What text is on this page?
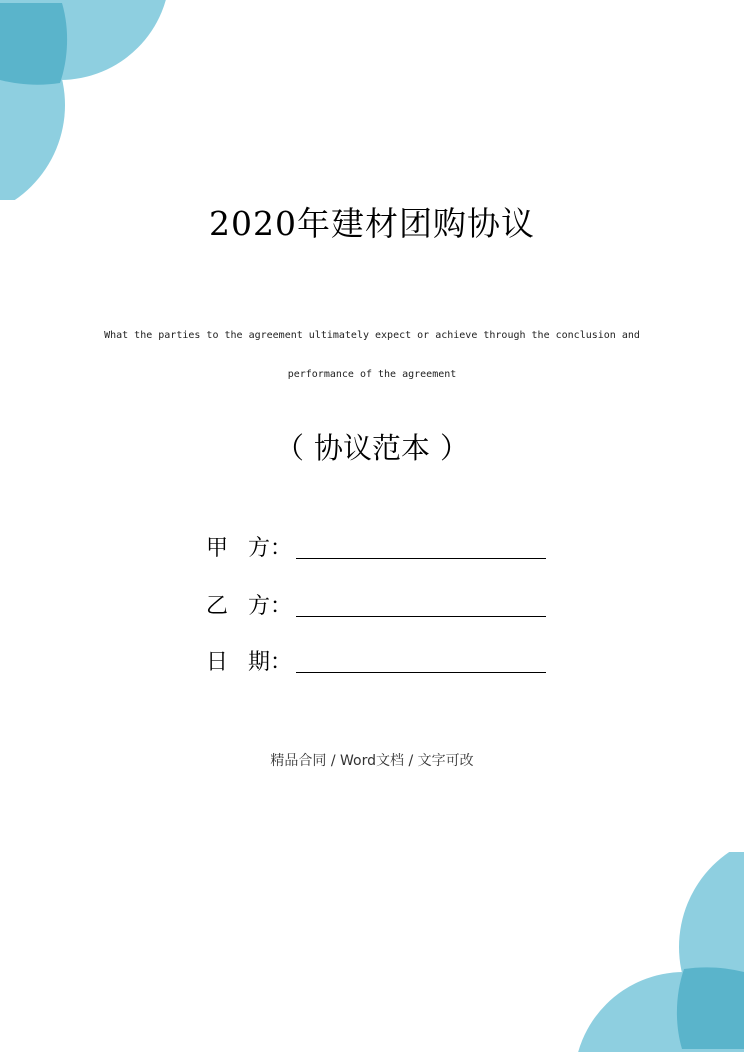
2020年建材团购协议
What the parties to the agreement ultimately expect or achieve through the conclusion and
performance of the agreement
（ 协议范本 ）
甲 方：
乙 方：
日 期：
精品合同 / Word文档 / 文字可改
